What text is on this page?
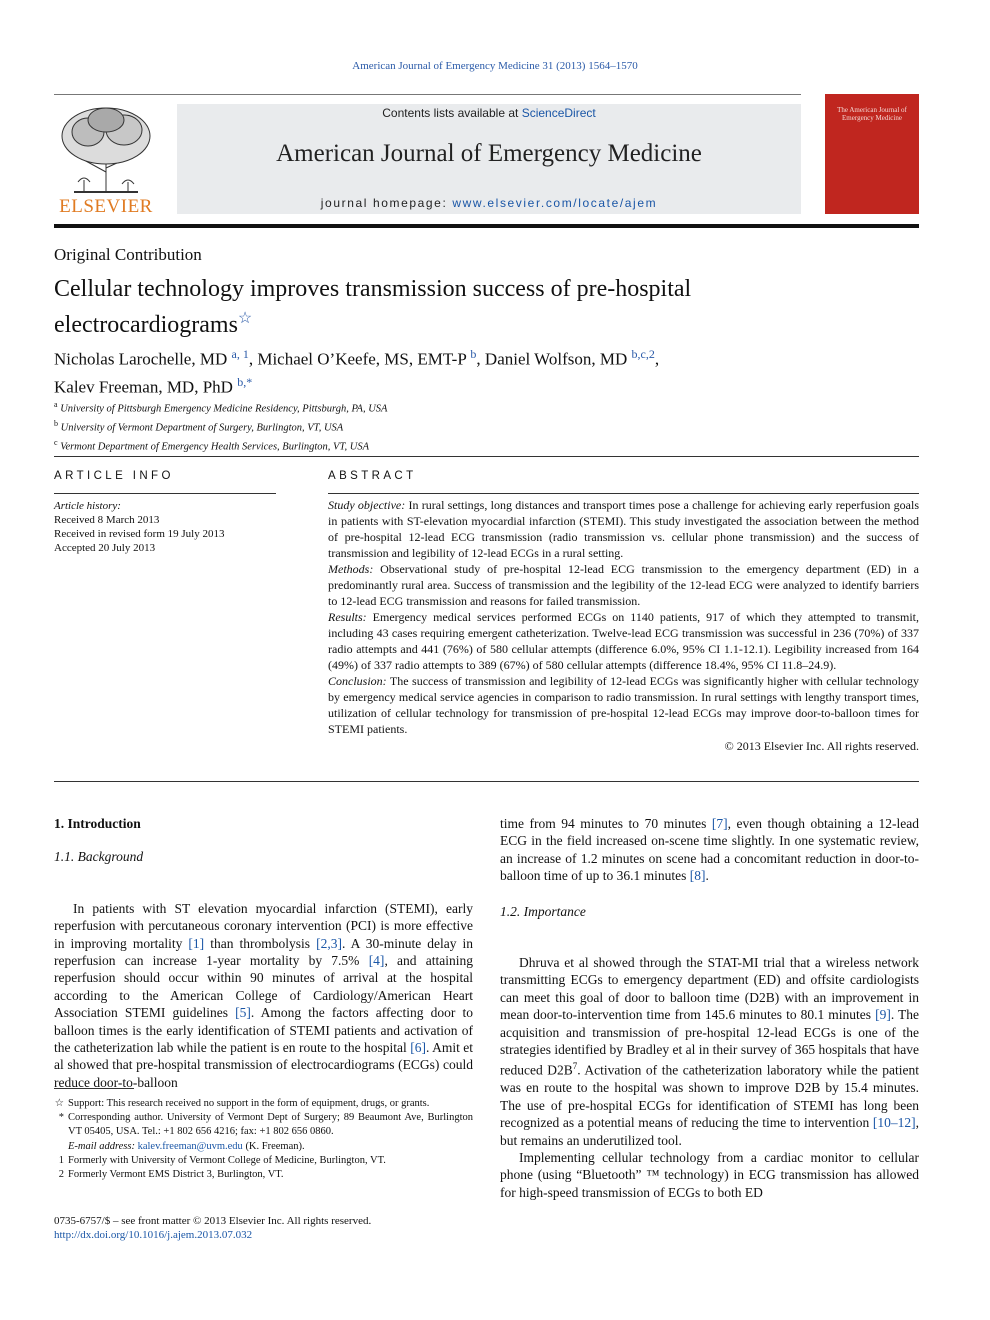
American Journal of Emergency Medicine 31 (2013) 1564–1570
ELSEVIER
Contents lists available at ScienceDirect
American Journal of Emergency Medicine
journal homepage: www.elsevier.com/locate/ajem
The American Journal of Emergency Medicine
Original Contribution
Cellular technology improves transmission success of pre-hospital
electrocardiograms☆
Nicholas Larochelle, MD $^{a, 1}$, Michael O’Keefe, MS, EMT-P $^b$, Daniel Wolfson, MD $^{b,c,2}$,
Kalev Freeman, MD, PhD $^{b,*}$
$^a$ University of Pittsburgh Emergency Medicine Residency, Pittsburgh, PA, USA
$^b$ University of Vermont Department of Surgery, Burlington, VT, USA
$^c$ Vermont Department of Emergency Health Services, Burlington, VT, USA
ARTICLE INFO
Article history:
Received 8 March 2013
Received in revised form 19 July 2013
Accepted 20 July 2013
ABSTRACT

Study objective: In rural settings, long distances and transport times pose a challenge for achieving early reperfusion goals in patients with ST-elevation myocardial infarction (STEMI). This study investigated the association between the method of pre-hospital 12-lead ECG transmission (radio transmission vs. cellular phone transmission) and the success of transmission and legibility of 12-lead ECGs in a rural setting.

Methods: Observational study of pre-hospital 12-lead ECG transmission to the emergency department (ED) in a predominantly rural area. Success of transmission and the legibility of the 12-lead ECG were analyzed to identify barriers to 12-lead ECG transmission and reasons for failed transmission.

Results: Emergency medical services performed ECGs on 1140 patients, 917 of which they attempted to transmit, including 43 cases requiring emergent catheterization. Twelve-lead ECG transmission was successful in 236 (70%) of 337 radio attempts and 441 (76%) of 580 cellular attempts (difference 6.0%, 95% CI 1.1-12.1). Legibility increased from 164 (49%) of 337 radio attempts to 389 (67%) of 580 cellular attempts (difference 18.4%, 95% CI 11.8–24.9).

Conclusion: The success of transmission and legibility of 12-lead ECGs was significantly higher with cellular technology by emergency medical service agencies in comparison to radio transmission. In rural settings with lengthy transport times, utilization of cellular technology for transmission of pre-hospital 12-lead ECGs may improve door-to-balloon times for STEMI patients.

© 2013 Elsevier Inc. All rights reserved.
1. Introduction
1.1. Background
In patients with ST elevation myocardial infarction (STEMI), early reperfusion with percutaneous coronary intervention (PCI) is more effective in improving mortality [1] than thrombolysis [2,3]. A 30-minute delay in reperfusion can increase 1-year mortality by 7.5% [4], and attaining reperfusion should occur within 90 minutes of arrival at the hospital according to the American College of Cardiology/American Heart Association STEMI guidelines [5]. Among the factors affecting door to balloon times is the early identification of STEMI patients and activation of the catheterization lab while the patient is en route to the hospital [6]. Amit et al showed that pre-hospital transmission of electrocardiograms (ECGs) could reduce door-to-balloon
time from 94 minutes to 70 minutes [7], even though obtaining a 12-lead ECG in the field increased on-scene time slightly. In one systematic review, an increase of 1.2 minutes on scene had a concomitant reduction in door-to-balloon time of up to 36.1 minutes [8].
1.2. Importance
Dhruva et al showed through the STAT-MI trial that a wireless network transmitting ECGs to emergency department (ED) and offsite cardiologists can meet this goal of door to balloon time (D2B) with an improvement in mean door-to-intervention time from 145.6 minutes to 80.1 minutes [9]. The acquisition and transmission of pre-hospital 12-lead ECGs is one of the strategies identified by Bradley et al in their survey of 365 hospitals that have reduced $D2B^7$. Activation of the catheterization laboratory while the patient was en route to the hospital was shown to improve D2B by 15.4 minutes. The use of pre-hospital ECGs for identification of STEMI has long been recognized as a potential means of reducing the time to intervention [10–12], but remains an underutilized tool.
Implementing cellular technology from a cardiac monitor to cellular phone (using “Bluetooth” ™ technology) in ECG transmission has allowed for high-speed transmission of ECGs to both ED
☆ Support: This research received no support in the form of equipment, drugs, or grants.
* Corresponding author. University of Vermont Dept of Surgery; 89 Beaumont Ave, Burlington VT 05405, USA. Tel.: +1 802 656 4216; fax: +1 802 656 0860.
E-mail address: kalev.freeman@uvm.edu (K. Freeman).
1 Formerly with University of Vermont College of Medicine, Burlington, VT.
2 Formerly Vermont EMS District 3, Burlington, VT.
0735-6757/$ – see front matter © 2013 Elsevier Inc. All rights reserved.
http://dx.doi.org/10.1016/j.ajem.2013.07.032
